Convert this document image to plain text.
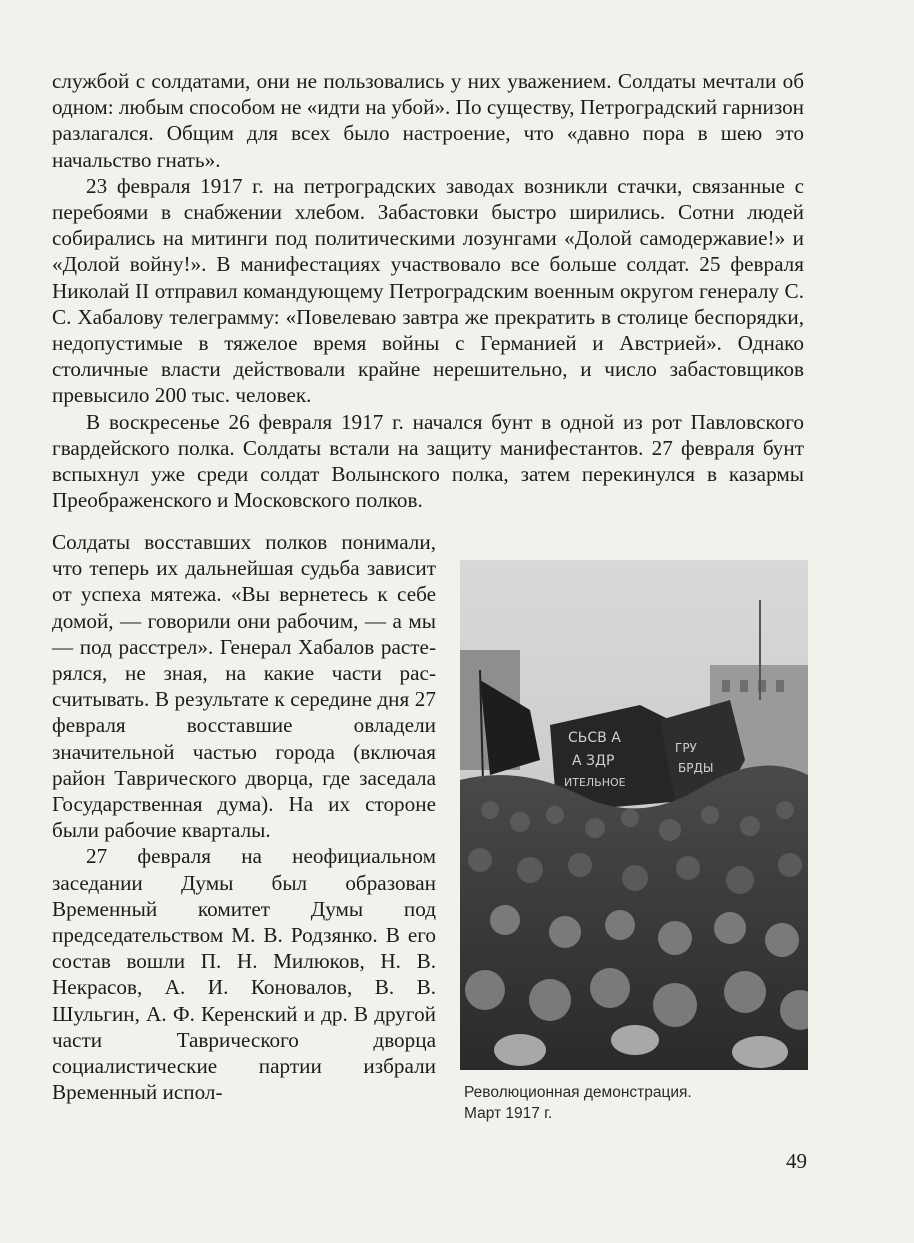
службой с солдатами, они не пользовались у них уважением. Солдаты мечтали об одном: любым способом не «идти на убой». По существу, Петроградский гарнизон разлагался. Общим для всех было настроение, что «давно пора в шею это начальство гнать».

23 февраля 1917 г. на петроградских заводах возникли стачки, связанные с перебоями в снабжении хлебом. Забастовки быстро ширились. Сотни людей собирались на митинги под политическими лозунгами «Долой самодержавие!» и «Долой войну!». В манифестациях участвовало все больше солдат. 25 февраля Николай II отправил командующему Петроградским военным округом генералу С. С. Хабалову телеграмму: «Повелеваю завтра же прекратить в столице беспорядки, недопустимые в тяжелое время войны с Германией и Австрией». Однако столичные власти действовали крайне нерешительно, и число забастовщиков превысило 200 тыс. человек.

В воскресенье 26 февраля 1917 г. начался бунт в одной из рот Павловского гвардейского полка. Солдаты встали на защиту манифестантов. 27 февраля бунт вспыхнул уже среди солдат Волынского полка, затем перекинулся в казармы Преображенского и Московского полков.

Солдаты восставших полков понимали, что теперь их дальнейшая судьба зависит от успеха мятежа. «Вы вернетесь к себе домой, — говорили они рабочим, — а мы — под расстрел». Генерал Хабалов растерялся, не зная, на какие части рассчитывать. В результате к середине дня 27 февраля восставшие овладели значительной частью города (включая район Таврического дворца, где заседала Государственная дума). На их стороне были рабочие кварталы.

27 февраля на неофициальном заседании Думы был образован Временный комитет Думы под председательством М. В. Родзянко. В его состав вошли П. Н. Милюков, Н. В. Некрасов, А. И. Коновалов, В. В. Шульгин, А. Ф. Керенский и др. В другой части Таврического дворца социалистические партии избрали Временный испол-

СЬСВ А
А ЗДР
ИТЕЛЬНОЕ
ГРУ
БРДЫ
Революционная демонстрация.
Март 1917 г.
49
